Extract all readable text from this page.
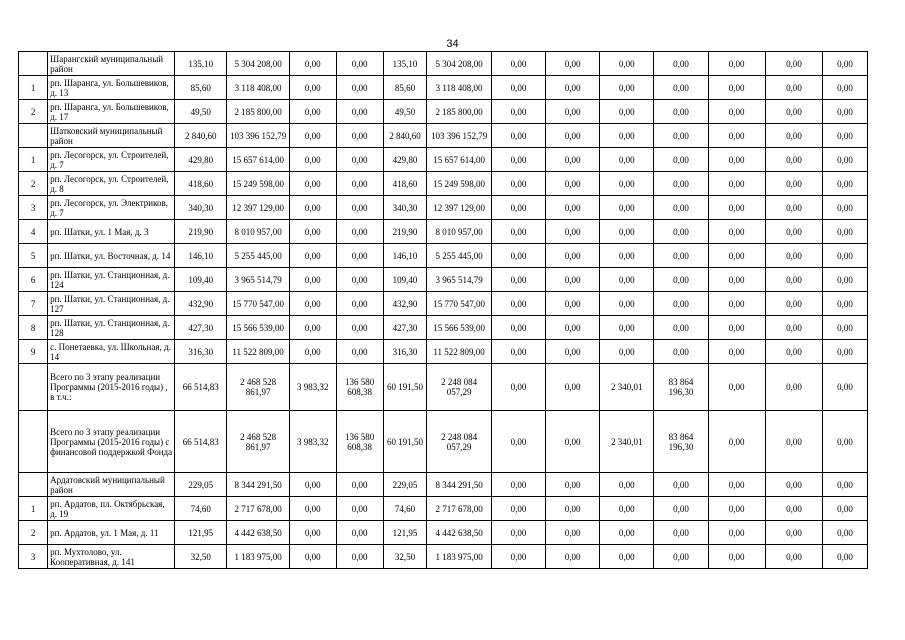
34
	Шарангский муниципальный район	135,10	5 304 208,00	0,00	0,00	135,10	5 304 208,00	0,00	0,00	0,00	0,00	0,00	0,00	0,00
1	рп. Шаранга, ул. Большевиков, д. 13	85,60	3 118 408,00	0,00	0,00	85,60	3 118 408,00	0,00	0,00	0,00	0,00	0,00	0,00	0,00
2	рп. Шаранга, ул. Большевиков, д. 17	49,50	2 185 800,00	0,00	0,00	49,50	2 185 800,00	0,00	0,00	0,00	0,00	0,00	0,00	0,00
	Шатковский муниципальный район	2 840,60	103 396 152,79	0,00	0,00	2 840,60	103 396 152,79	0,00	0,00	0,00	0,00	0,00	0,00	0,00
1	рп. Лесогорск, ул. Строителей, д. 7	429,80	15 657 614,00	0,00	0,00	429,80	15 657 614,00	0,00	0,00	0,00	0,00	0,00	0,00	0,00
2	рп. Лесогорск, ул. Строителей, д. 8	418,60	15 249 598,00	0,00	0,00	418,60	15 249 598,00	0,00	0,00	0,00	0,00	0,00	0,00	0,00
3	рп. Лесогорск, ул. Электриков, д. 7	340,30	12 397 129,00	0,00	0,00	340,30	12 397 129,00	0,00	0,00	0,00	0,00	0,00	0,00	0,00
4	рп. Шатки, ул. 1 Мая, д. 3	219,90	8 010 957,00	0,00	0,00	219,90	8 010 957,00	0,00	0,00	0,00	0,00	0,00	0,00	0,00
5	рп. Шатки, ул. Восточная, д. 14	146,10	5 255 445,00	0,00	0,00	146,10	5 255 445,00	0,00	0,00	0,00	0,00	0,00	0,00	0,00
6	рп. Шатки, ул. Станционная, д. 124	109,40	3 965 514,79	0,00	0,00	109,40	3 965 514,79	0,00	0,00	0,00	0,00	0,00	0,00	0,00
7	рп. Шатки, ул. Станционная, д. 127	432,90	15 770 547,00	0,00	0,00	432,90	15 770 547,00	0,00	0,00	0,00	0,00	0,00	0,00	0,00
8	рп. Шатки, ул. Станционная, д. 128	427,30	15 566 539,00	0,00	0,00	427,30	15 566 539,00	0,00	0,00	0,00	0,00	0,00	0,00	0,00
9	с. Понетаевка, ул. Школьная, д. 14	316,30	11 522 809,00	0,00	0,00	316,30	11 522 809,00	0,00	0,00	0,00	0,00	0,00	0,00	0,00
	Всего по 3 этапу реализации Программы (2015-2016 годы) , в т.ч.:	66 514,83	2 468 528 861,97	3 983,32	136 580 608,38	60 191,50	2 248 084 057,29	0,00	0,00	2 340,01	83 864 196,30	0,00	0,00	0,00
	Всего по 3 этапу реализации Программы (2015-2016 годы) с финансовой поддержкой Фонда	66 514,83	2 468 528 861,97	3 983,32	136 580 608,38	60 191,50	2 248 084 057,29	0,00	0,00	2 340,01	83 864 196,30	0,00	0,00	0,00
	Ардатовский муниципальный район	229,05	8 344 291,50	0,00	0,00	229,05	8 344 291,50	0,00	0,00	0,00	0,00	0,00	0,00	0,00
1	рп. Ардатов, пл. Октябрьская, д. 19	74,60	2 717 678,00	0,00	0,00	74,60	2 717 678,00	0,00	0,00	0,00	0,00	0,00	0,00	0,00
2	рп. Ардатов, ул. 1 Мая, д. 11	121,95	4 442 638,50	0,00	0,00	121,95	4 442 638,50	0,00	0,00	0,00	0,00	0,00	0,00	0,00
3	рп. Мухтолово, ул. Кооперативная, д. 141	32,50	1 183 975,00	0,00	0,00	32,50	1 183 975,00	0,00	0,00	0,00	0,00	0,00	0,00	0,00
